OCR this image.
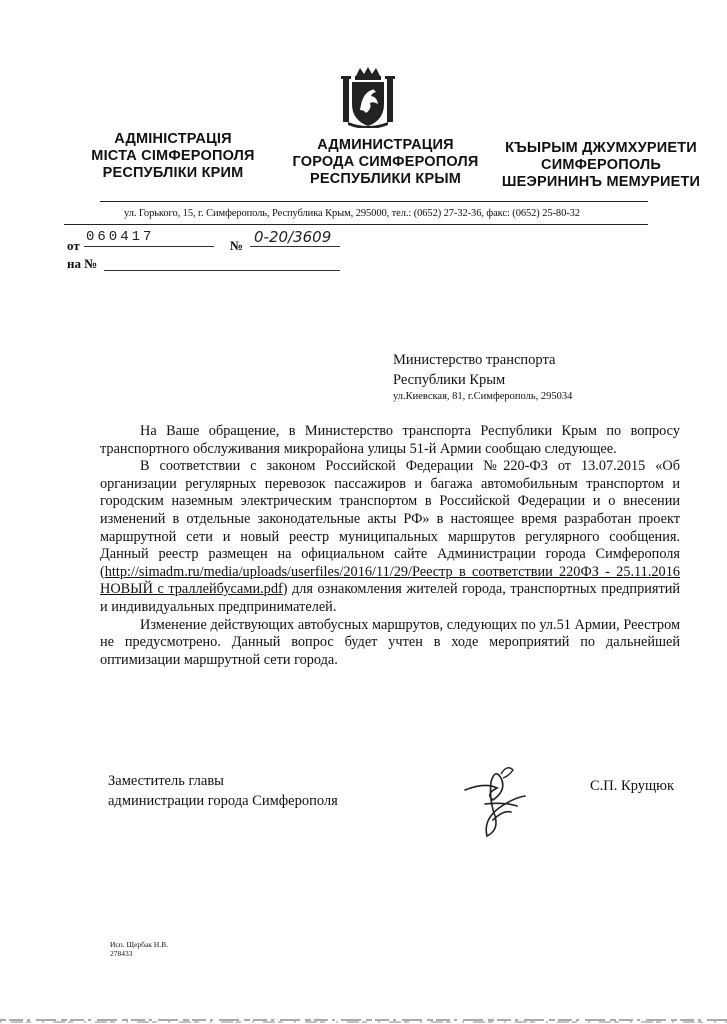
АДМІНІСТРАЦІЯ
МІСТА СІМФЕРОПОЛЯ
РЕСПУБЛІКИ КРИМ
АДМИНИСТРАЦИЯ
ГОРОДА СИМФЕРОПОЛЯ
РЕСПУБЛИКИ КРЫМ
КЪЫРЫМ ДЖУМХУРИЕТИ
СИМФЕРОПОЛЬ
ШЕЭРИНИНЪ МЕМУРИЕТИ
ул. Горького, 15, г. Симферополь, Республика Крым, 295000, тел.: (0652) 27-32-36, факс: (0652) 25-80-32
от
060417
№ 0-20/3609
на №
Министерство транспорта
Республики Крым
ул.Киевская, 81, г.Симферополь, 295034

На Ваше обращение, в Министерство транспорта Республики Крым по вопросу транспортного обслуживания микрорайона улицы 51-й Армии сообщаю следующее.

В соответствии с законом Российской Федерации №220-ФЗ от 13.07.2015 «Об организации регулярных перевозок пассажиров и багажа автомобильным транспортом и городским наземным электрическим транспортом в Российской Федерации и о внесении изменений в отдельные законодательные акты РФ» в настоящее время разработан проект маршрутной сети и новый реестр муниципальных маршрутов регулярного сообщения. Данный реестр размещен на официальном сайте Администрации города Симферополя (http://simadm.ru/media/uploads/userfiles/2016/11/29/Реестр в соответствии 220ФЗ - 25.11.2016 НОВЫЙ с траллейбусами.pdf) для ознакомления жителей города, транспортных предприятий и индивидуальных предпринимателей.

Изменение действующих автобусных маршрутов, следующих по ул.51 Армии, Реестром не предусмотрено. Данный вопрос будет учтен в ходе мероприятий по дальнейшей оптимизации маршрутной сети города.

Заместитель главы
администрации города Симферополя
С.П. Крущюк
Исп. Щербак Н.В.
278433
